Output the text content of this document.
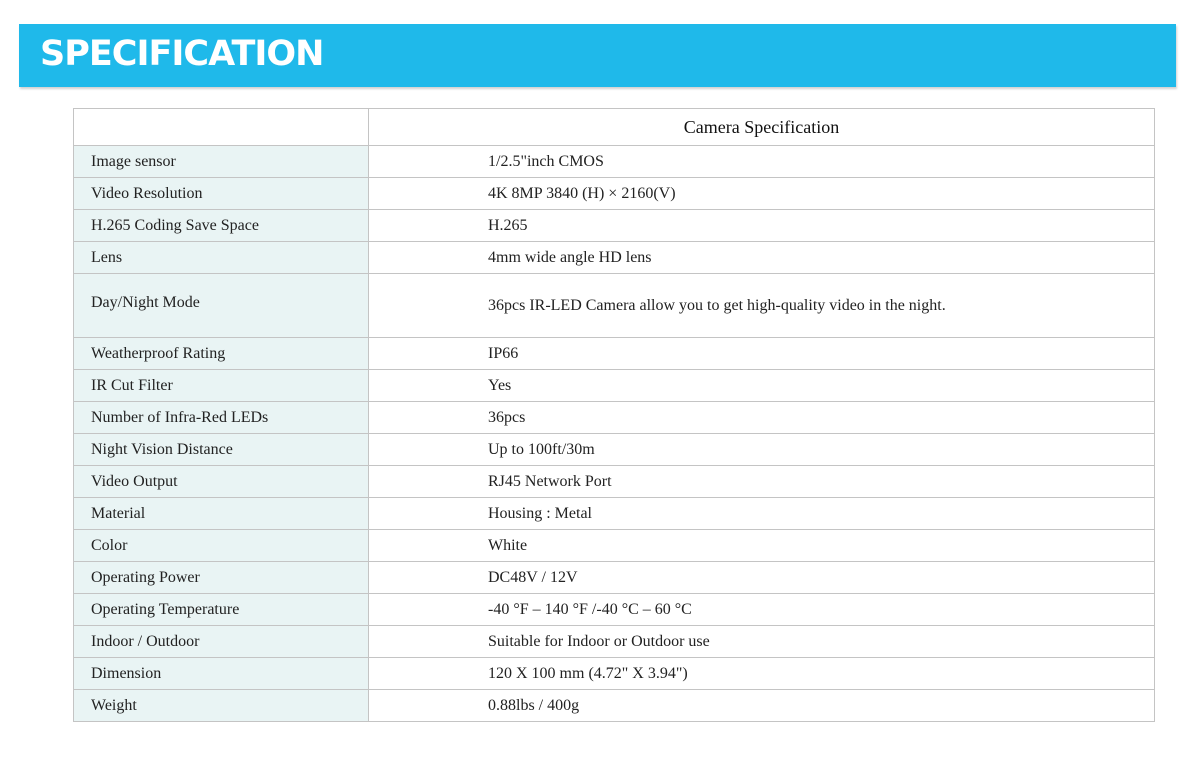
SPECIFICATION
	Camera Specification
Image sensor	1/2.5"inch CMOS
Video Resolution	4K 8MP 3840 (H) × 2160(V)
H.265 Coding Save Space	H.265
Lens	4mm wide angle HD lens
Day/Night Mode	36pcs IR-LED Camera allow you to get high-quality video in the night.
Weatherproof Rating	IP66
IR Cut Filter	Yes
Number of Infra-Red LEDs	36pcs
Night Vision Distance	Up to 100ft/30m
Video Output	RJ45 Network Port
Material	Housing : Metal
Color	White
Operating Power	DC48V / 12V
Operating Temperature	-40 °F – 140 °F /-40 °C – 60 °C
Indoor / Outdoor	Suitable for Indoor or Outdoor use
Dimension	120 X 100 mm (4.72" X 3.94")
Weight	0.88lbs / 400g
